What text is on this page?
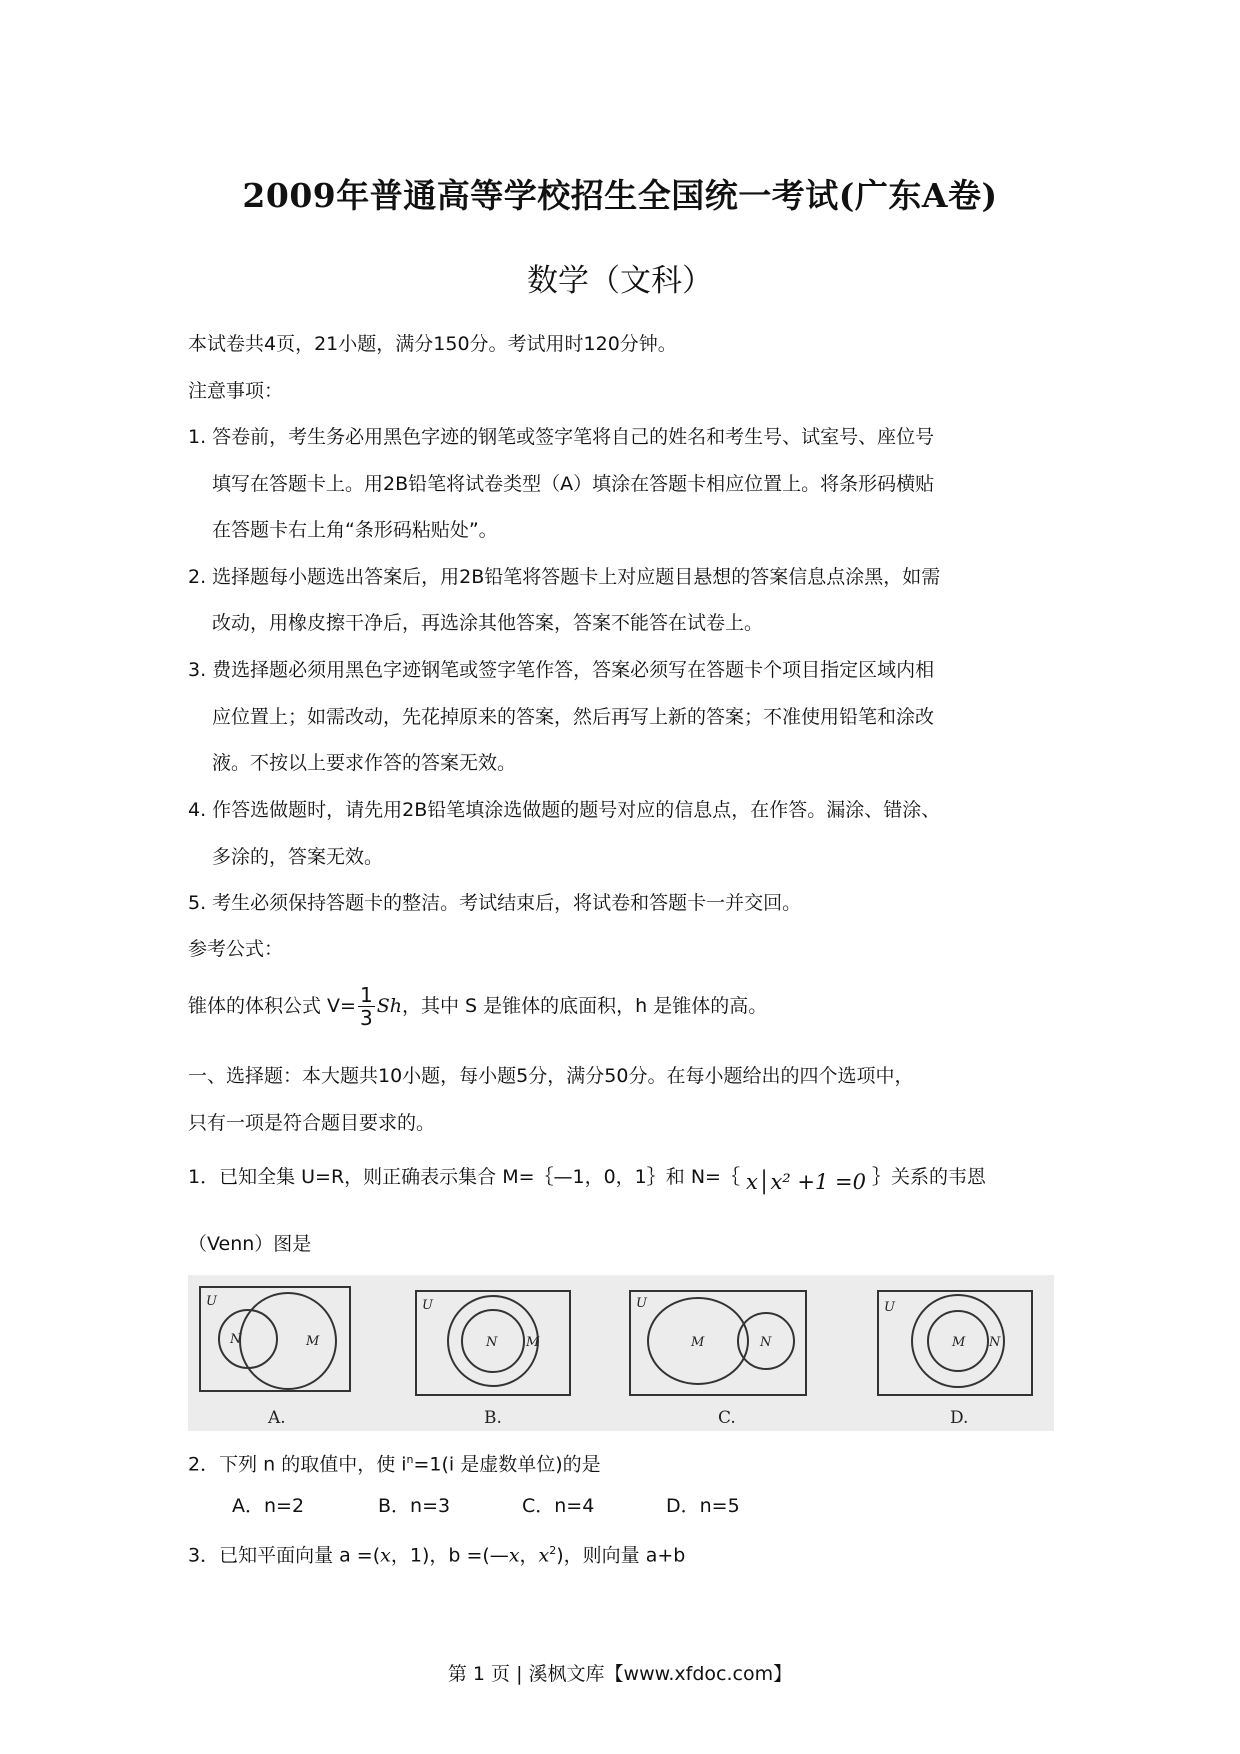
2009年普通高等学校招生全国统一考试(广东A卷)
数学（文科）
本试卷共4页，21小题，满分150分。考试用时120分钟。
注意事项：
1. 答卷前，考生务必用黑色字迹的钢笔或签字笔将自己的姓名和考生号、试室号、座位号
填写在答题卡上。用2B铅笔将试卷类型（A）填涂在答题卡相应位置上。将条形码横贴
在答题卡右上角“条形码粘贴处”。
2. 选择题每小题选出答案后，用2B铅笔将答题卡上对应题目悬想的答案信息点涂黑，如需
改动，用橡皮擦干净后，再选涂其他答案，答案不能答在试卷上。
3. 费选择题必须用黑色字迹钢笔或签字笔作答，答案必须写在答题卡个项目指定区域内相
应位置上；如需改动，先花掉原来的答案，然后再写上新的答案；不准使用铅笔和涂改
液。不按以上要求作答的答案无效。
4. 作答选做题时，请先用2B铅笔填涂选做题的题号对应的信息点，在作答。漏涂、错涂、
多涂的，答案无效。
5. 考生必须保持答题卡的整洁。考试结束后，将试卷和答题卡一并交回。
参考公式：
锥体的体积公式 $V= \frac{1}{3}$ Sh，其中 S 是锥体的底面积，h 是锥体的高。
一、选择题：本大题共10小题，每小题5分，满分50分。在每小题给出的四个选项中，
只有一项是符合题目要求的。
1．已知全集 U=R，则正确表示集合 M=｛—1，0，1｝和 N=｛ x│x² +1 =0 ｝关系的韦恩
（Venn）图是
U
N	M
A.
U
N M
B.
U
M	N
C.
U
M N
D.
2．下列 n 的取值中，使 $i^n=1(i$ 是虚数单位)的是
A．n=2	B．n=3	C．n=4	D．n=5
3．已知平面向量 a =(x，1)，b =(—x，$x^2$)，则向量 a+b
第 1 页 | 溪枫文库【www.xfdoc.com】
